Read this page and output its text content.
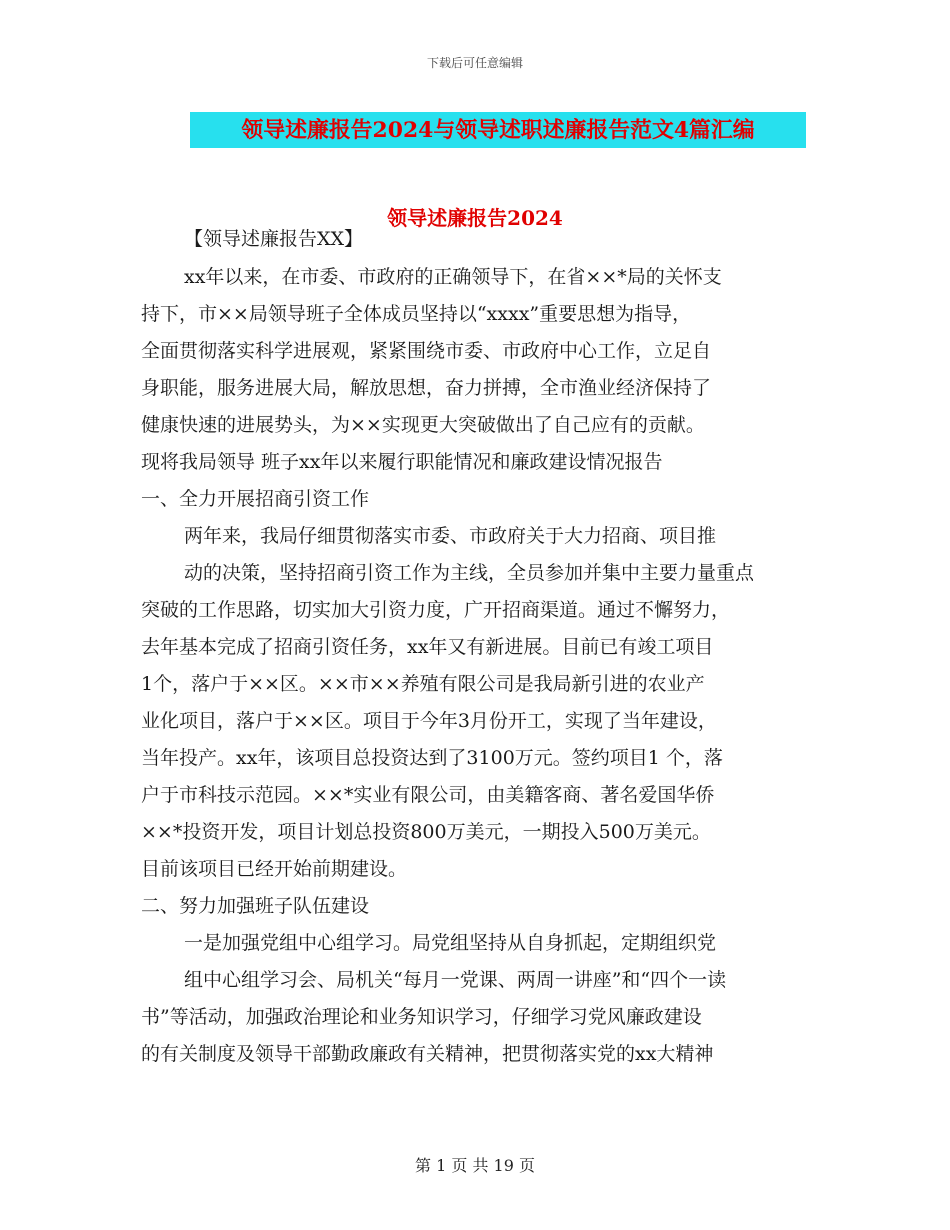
下载后可任意编辑
领导述廉报告2024与领导述职述廉报告范文4篇汇编
领导述廉报告2024
【领导述廉报告XX】
xx年以来，在市委、市政府的正确领导下，在省××*局的关怀支
持下，市××局领导班子全体成员坚持以“xxxx”重要思想为指导，
全面贯彻落实科学进展观，紧紧围绕市委、市政府中心工作，立足自
身职能，服务进展大局，解放思想，奋力拼搏，全市渔业经济保持了
健康快速的进展势头，为××实现更大突破做出了自己应有的贡献。
现将我局领导 班子xx年以来履行职能情况和廉政建设情况报告
一、全力开展招商引资工作
两年来，我局仔细贯彻落实市委、市政府关于大力招商、项目推
动的决策，坚持招商引资工作为主线，全员参加并集中主要力量重点
突破的工作思路，切实加大引资力度，广开招商渠道。通过不懈努力，
去年基本完成了招商引资任务，xx年又有新进展。目前已有竣工项目
1个，落户于××区。××市××养殖有限公司是我局新引进的农业产
业化项目，落户于××区。项目于今年3月份开工，实现了当年建设，
当年投产。xx年，该项目总投资达到了3100万元。签约项目1 个，落
户于市科技示范园。××*实业有限公司，由美籍客商、著名爱国华侨
××*投资开发，项目计划总投资800万美元，一期投入500万美元。
目前该项目已经开始前期建设。
二、努力加强班子队伍建设
一是加强党组中心组学习。局党组坚持从自身抓起，定期组织党
组中心组学习会、局机关“每月一党课、两周一讲座”和“四个一读
书”等活动，加强政治理论和业务知识学习，仔细学习党风廉政建设
的有关制度及领导干部勤政廉政有关精神，把贯彻落实党的xx大精神
第 1 页 共 19 页
